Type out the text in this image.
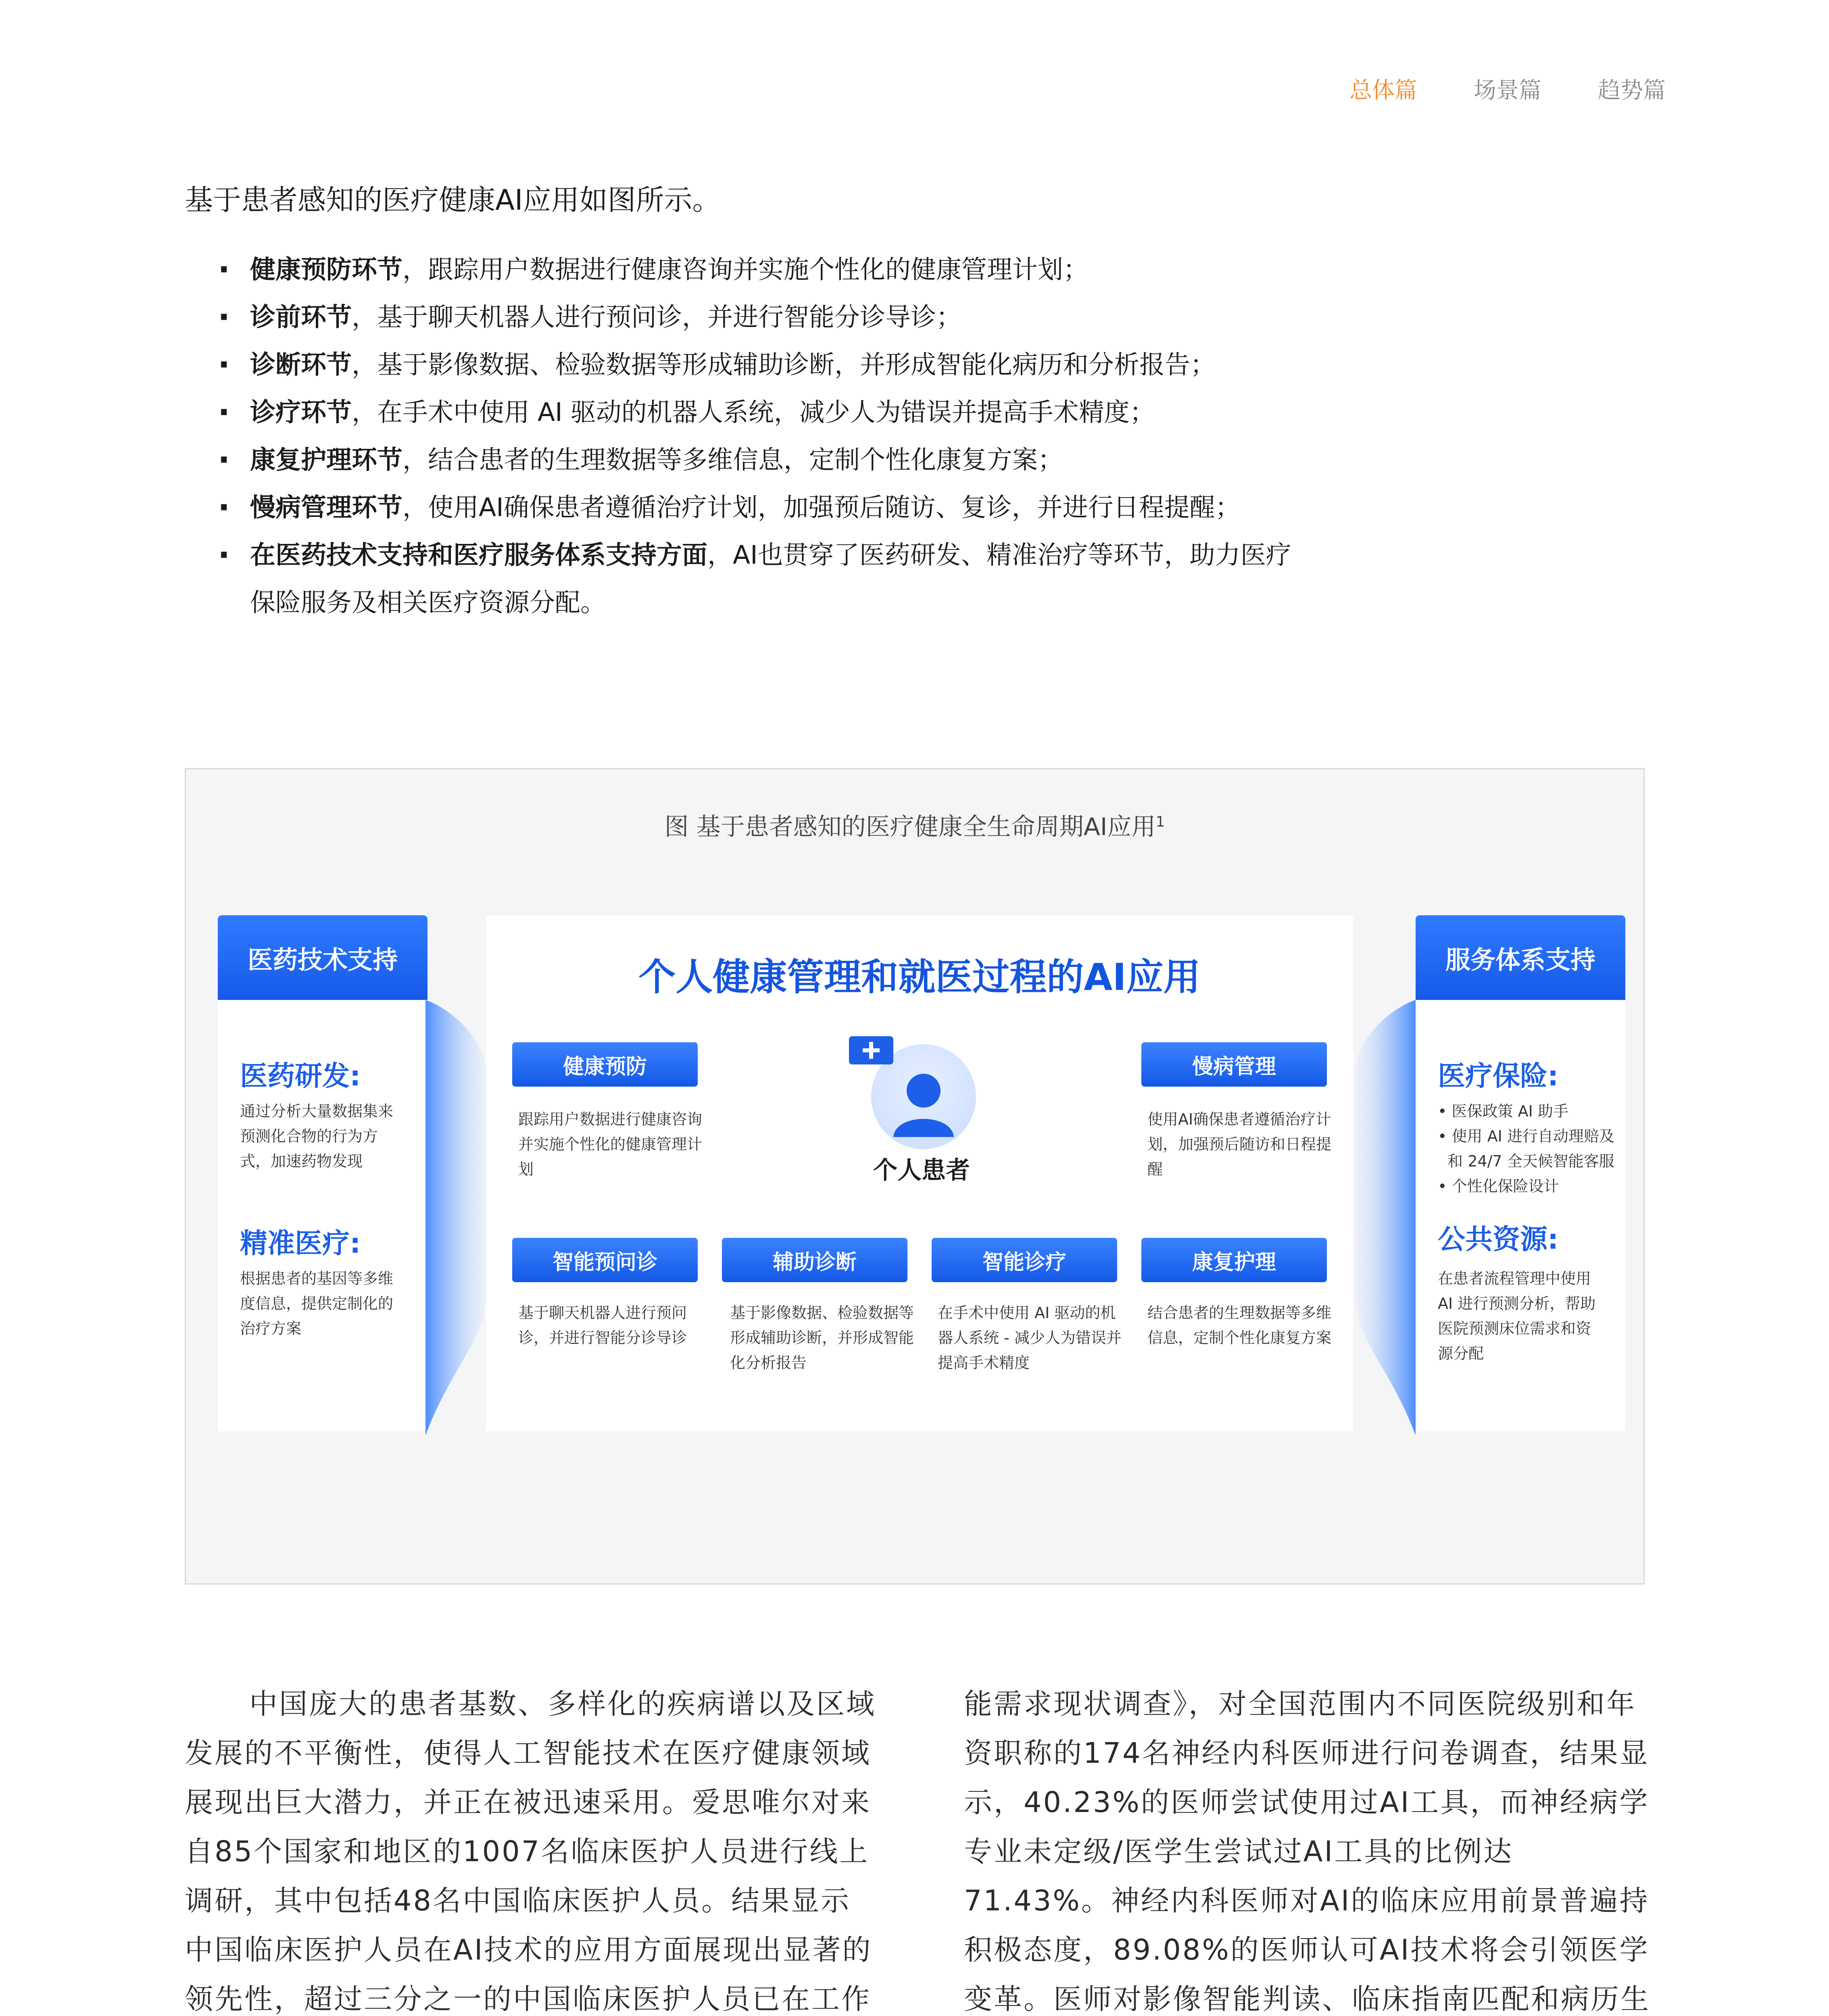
总体篇	场景篇	趋势篇
基于患者感知的医疗健康AI应用如图所示。
· 健康预防环节，跟踪用户数据进行健康咨询并实施个性化的健康管理计划；
· 诊前环节，基于聊天机器人进行预问诊，并进行智能分诊导诊；
· 诊断环节，基于影像数据、检验数据等形成辅助诊断，并形成智能化病历和分析报告；
· 诊疗环节，在手术中使用 AI 驱动的机器人系统，减少人为错误并提高手术精度；
· 康复护理环节，结合患者的生理数据等多维信息，定制个性化康复方案；
· 慢病管理环节，使用AI确保患者遵循治疗计划，加强预后随访、复诊，并进行日程提醒；
· 在医药技术支持和医疗服务体系支持方面，AI也贯穿了医药研发、精准治疗等环节，助力医疗保险服务及相关医疗资源分配。
图 基于患者感知的医疗健康全生命周期AI应用$^1$
医药技术支持
医药研发:
通过分析大量数据集来预测化合物的行为方式，加速药物发现
精准医疗:
根据患者的基因等多维度信息，提供定制化的治疗方案
服务体系支持
医疗保险:
• 医保政策 AI 助手
• 使用 AI 进行自动理赔及
和 24/7 全天候智能客服
• 个性化保险设计
公共资源:
在患者流程管理中使用 AI 进行预测分析，帮助医院预测床位需求和资源分配
个人健康管理和就医过程的AI应用
个人患者
健康预防
跟踪用户数据进行健康咨询并实施个性化的健康管理计划
慢病管理
使用AI确保患者遵循治疗计划，加强预后随访和日程提醒
智能预问诊
基于聊天机器人进行预问诊，并进行智能分诊导诊
辅助诊断
基于影像数据、检验数据等形成辅助诊断，并形成智能化分析报告
智能诊疗
在手术中使用 AI 驱动的机器人系统 - 减少人为错误并提高手术精度
康复护理
结合患者的生理数据等多维信息，定制个性化康复方案
中国庞大的患者基数、多样化的疾病谱以及区域发展的不平衡性，使得人工智能技术在医疗健康领域展现出巨大潜力，并正在被迅速采用。爱思唯尔对来自85个国家和地区的1007名临床医护人员进行线上调研，其中包括48名中国临床医护人员。结果显示中国临床医护人员在AI技术的应用方面展现出显著的领先性，超过三分之一的中国临床医护人员已在工作
能需求现状调查》，对全国范围内不同医院级别和年资职称的174名神经内科医师进行问卷调查，结果显示，40.23%的医师尝试使用过AI工具，而神经病学专业未定级/医学生尝试过AI工具的比例达71.43%。神经内科医师对AI的临床应用前景普遍持积极态度，89.08%的医师认可AI技术将会引领医学变革。医师对影像智能判读、临床指南匹配和病历生
